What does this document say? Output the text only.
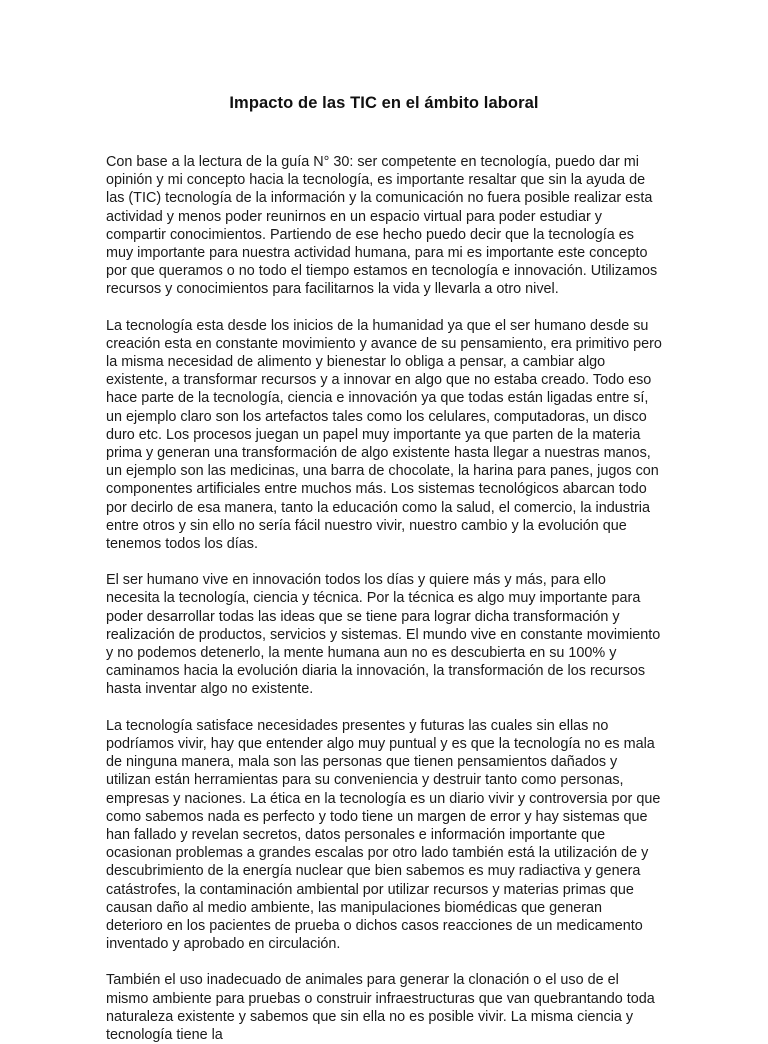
Impacto de las TIC en el ámbito laboral

Con base a la lectura de la guía N° 30: ser competente en tecnología, puedo dar mi opinión y mi concepto hacia la tecnología, es importante resaltar que sin la ayuda de las (TIC) tecnología de la información y la comunicación no fuera posible realizar esta actividad y menos poder reunirnos en un espacio virtual para poder estudiar y compartir conocimientos. Partiendo de ese hecho puedo decir que la tecnología es muy importante para nuestra actividad humana, para mi es importante este concepto por que queramos o no todo el tiempo estamos en tecnología e innovación. Utilizamos recursos y conocimientos para facilitarnos la vida y llevarla a otro nivel.

La tecnología esta desde los inicios de la humanidad ya que el ser humano desde su creación esta en constante movimiento y avance de su pensamiento, era primitivo pero la misma necesidad de alimento y bienestar lo obliga a pensar, a cambiar algo existente, a transformar recursos y a innovar en algo que no estaba creado. Todo eso hace parte de la tecnología, ciencia e innovación ya que todas están ligadas entre sí, un ejemplo claro son los artefactos tales como los celulares, computadoras, un disco duro etc. Los procesos juegan un papel muy importante ya que parten de la materia prima y generan una transformación de algo existente hasta llegar a nuestras manos, un ejemplo son las medicinas, una barra de chocolate, la harina para panes, jugos con componentes artificiales entre muchos más. Los sistemas tecnológicos abarcan todo por decirlo de esa manera, tanto la educación como la salud, el comercio, la industria entre otros y sin ello no sería fácil nuestro vivir, nuestro cambio y la evolución que tenemos todos los días.

El ser humano vive en innovación todos los días y quiere más y más, para ello necesita la tecnología, ciencia y técnica. Por la técnica es algo muy importante para poder desarrollar todas las ideas que se tiene para lograr dicha transformación y realización de productos, servicios y sistemas. El mundo vive en constante movimiento y no podemos detenerlo, la mente humana aun no es descubierta en su 100% y caminamos hacia la evolución diaria la innovación, la transformación de los recursos hasta inventar algo no existente.

La tecnología satisface necesidades presentes y futuras las cuales sin ellas no podríamos vivir, hay que entender algo muy puntual y es que la tecnología no es mala de ninguna manera, mala son las personas que tienen pensamientos dañados y utilizan están herramientas para su conveniencia y destruir tanto como personas, empresas y naciones. La ética en la tecnología es un diario vivir y controversia por que como sabemos nada es perfecto y todo tiene un margen de error y hay sistemas que han fallado y revelan secretos, datos personales e información importante que ocasionan problemas a grandes escalas por otro lado también está la utilización de y descubrimiento de la energía nuclear que bien sabemos es muy radiactiva y genera catástrofes, la contaminación ambiental por utilizar recursos y materias primas que causan daño al medio ambiente, las manipulaciones biomédicas que generan deterioro en los pacientes de prueba o dichos casos reacciones de un medicamento inventado y aprobado en circulación.

También el uso inadecuado de animales para generar la clonación o el uso de el mismo ambiente para pruebas o construir infraestructuras que van quebrantando toda naturaleza existente y sabemos que sin ella no es posible vivir. La misma ciencia y tecnología tiene la
